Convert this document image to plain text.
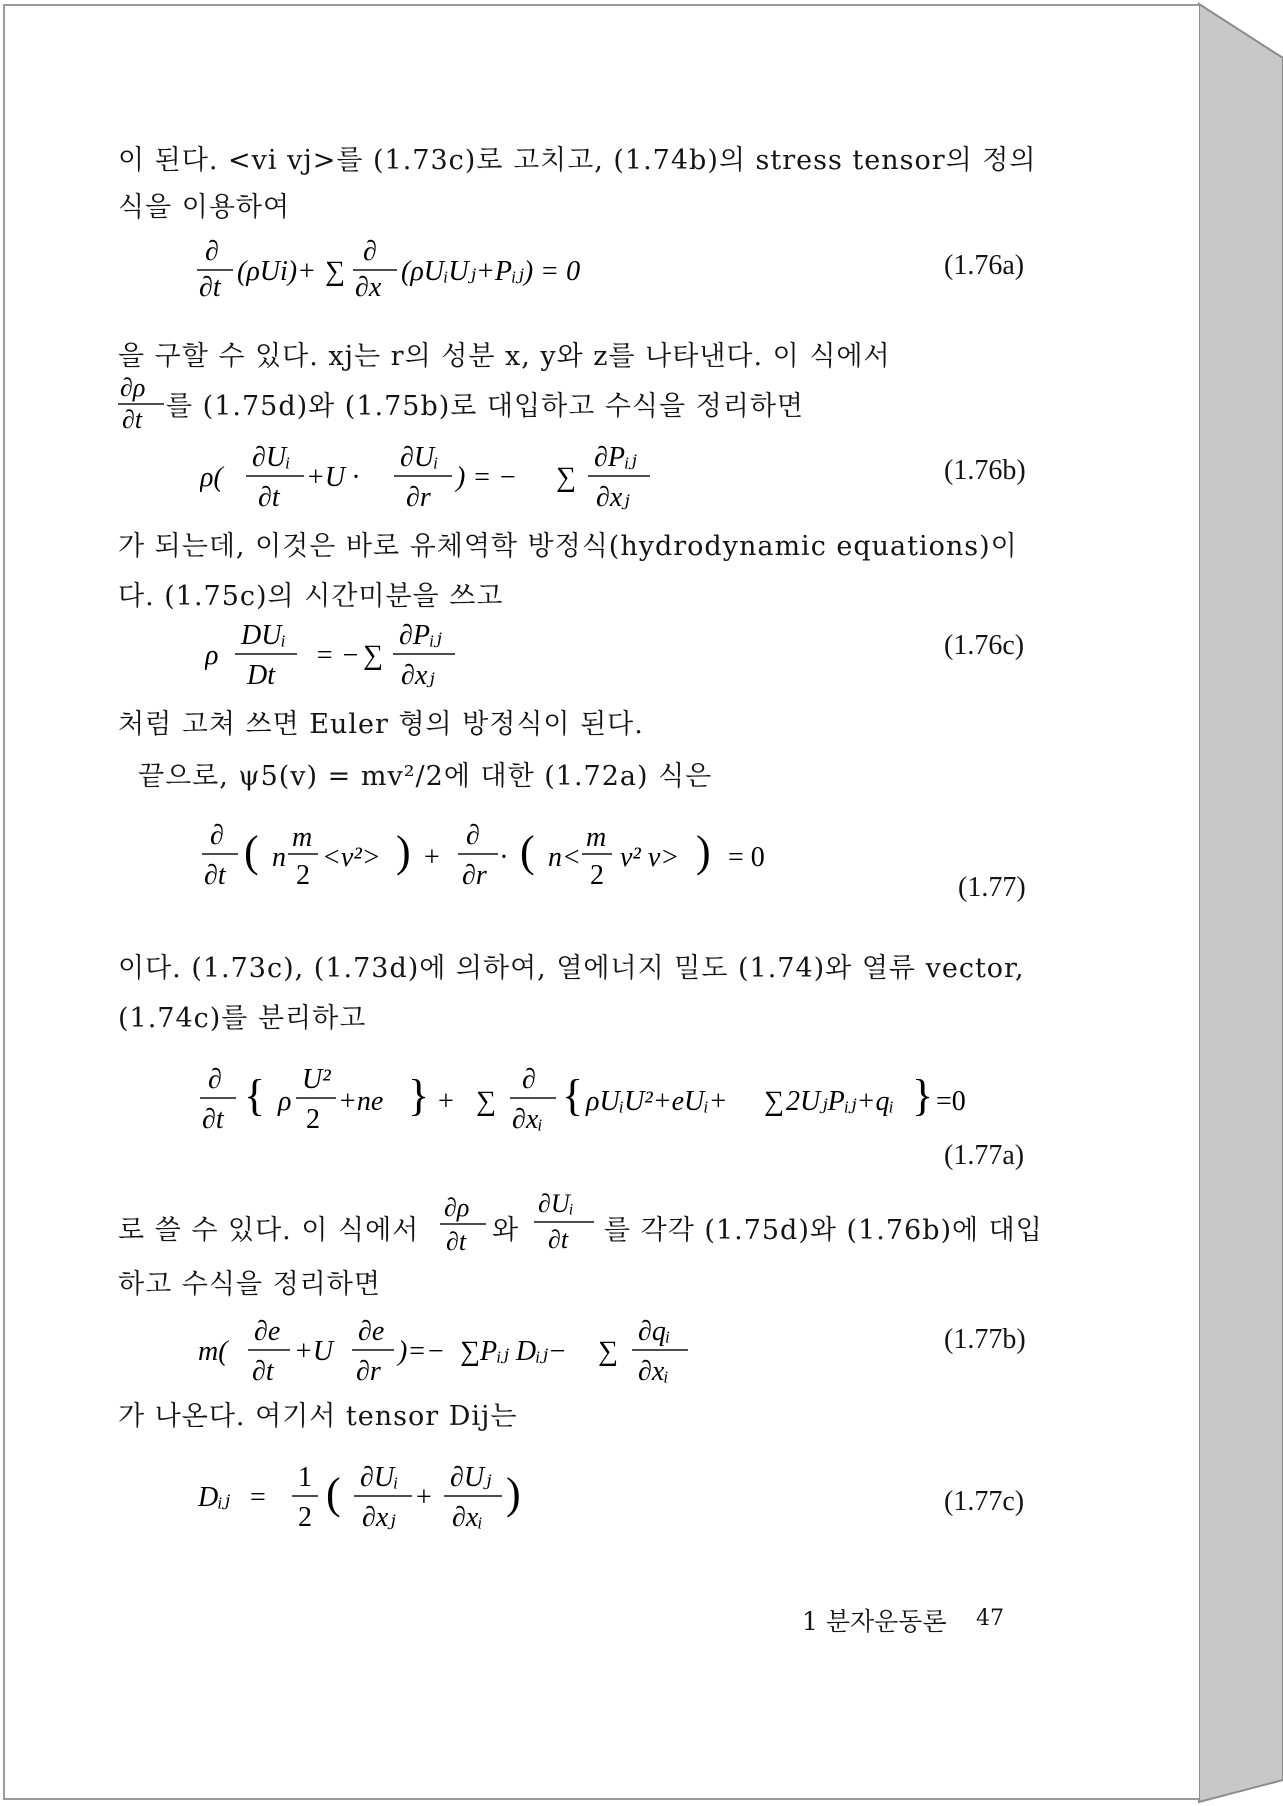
이 된다. <vi vj>를 (1.73c)로 고치고, (1.74b)의 stress tensor의 정의
식을 이용하여
∂
∂t
(ρUi)+ ∑
∂
∂x
(ρUᵢUⱼ+Pᵢⱼ) = 0	(1.76a)
을 구할 수 있다. xj는 r의 성분 x, y와 z를 나타낸다. 이 식에서
∂ρ
∂t 를 (1.75d)와 (1.75b)로 대입하고 수식을 정리하면
ρ(
∂Uᵢ
∂t
+U ·
∂Uᵢ
∂r
) = − ∑
∂Pᵢⱼ
∂xⱼ
(1.76b)
가 되는데, 이것은 바로 유체역학 방정식(hydrodynamic equations)이
다. (1.75c)의 시간미분을 쓰고
ρ
DUᵢ
Dt
= − ∑
∂Pᵢⱼ
∂xⱼ
(1.76c)
처럼 고쳐 쓰면 Euler 형의 방정식이 된다.
끝으로, ψ5(v) = mv²/2에 대한 (1.72a) 식은
∂
∂t ( n
m
2
<v²> ) +
∂
∂r
· ( n<
m
2
v² v> ) = 0
(1.77)
이다. (1.73c), (1.73d)에 의하여, 열에너지 밀도 (1.74)와 열류 vector,
(1.74c)를 분리하고
∂
∂t { ρ
U²
2
+ne } + ∑
∂
∂xᵢ { ρUᵢU²+eUᵢ+ ∑ 2UⱼPᵢⱼ+qᵢ } =0
(1.77a)
로 쓸 수 있다. 이 식에서
∂ρ
∂t 와
∂Uᵢ
∂t 를 각각 (1.75d)와 (1.76b)에 대입
하고 수식을 정리하면
m(
∂e
∂t
+U
∂e
∂r
)=− ∑ Pᵢⱼ Dᵢⱼ− ∑
∂qᵢ
∂xᵢ
(1.77b)
가 나온다. 여기서 tensor Dij는
Dᵢⱼ =
1
2 ( ∂Uᵢ
∂xⱼ
+
∂Uⱼ
∂xᵢ )	(1.77c)
1 분자운동론 47
